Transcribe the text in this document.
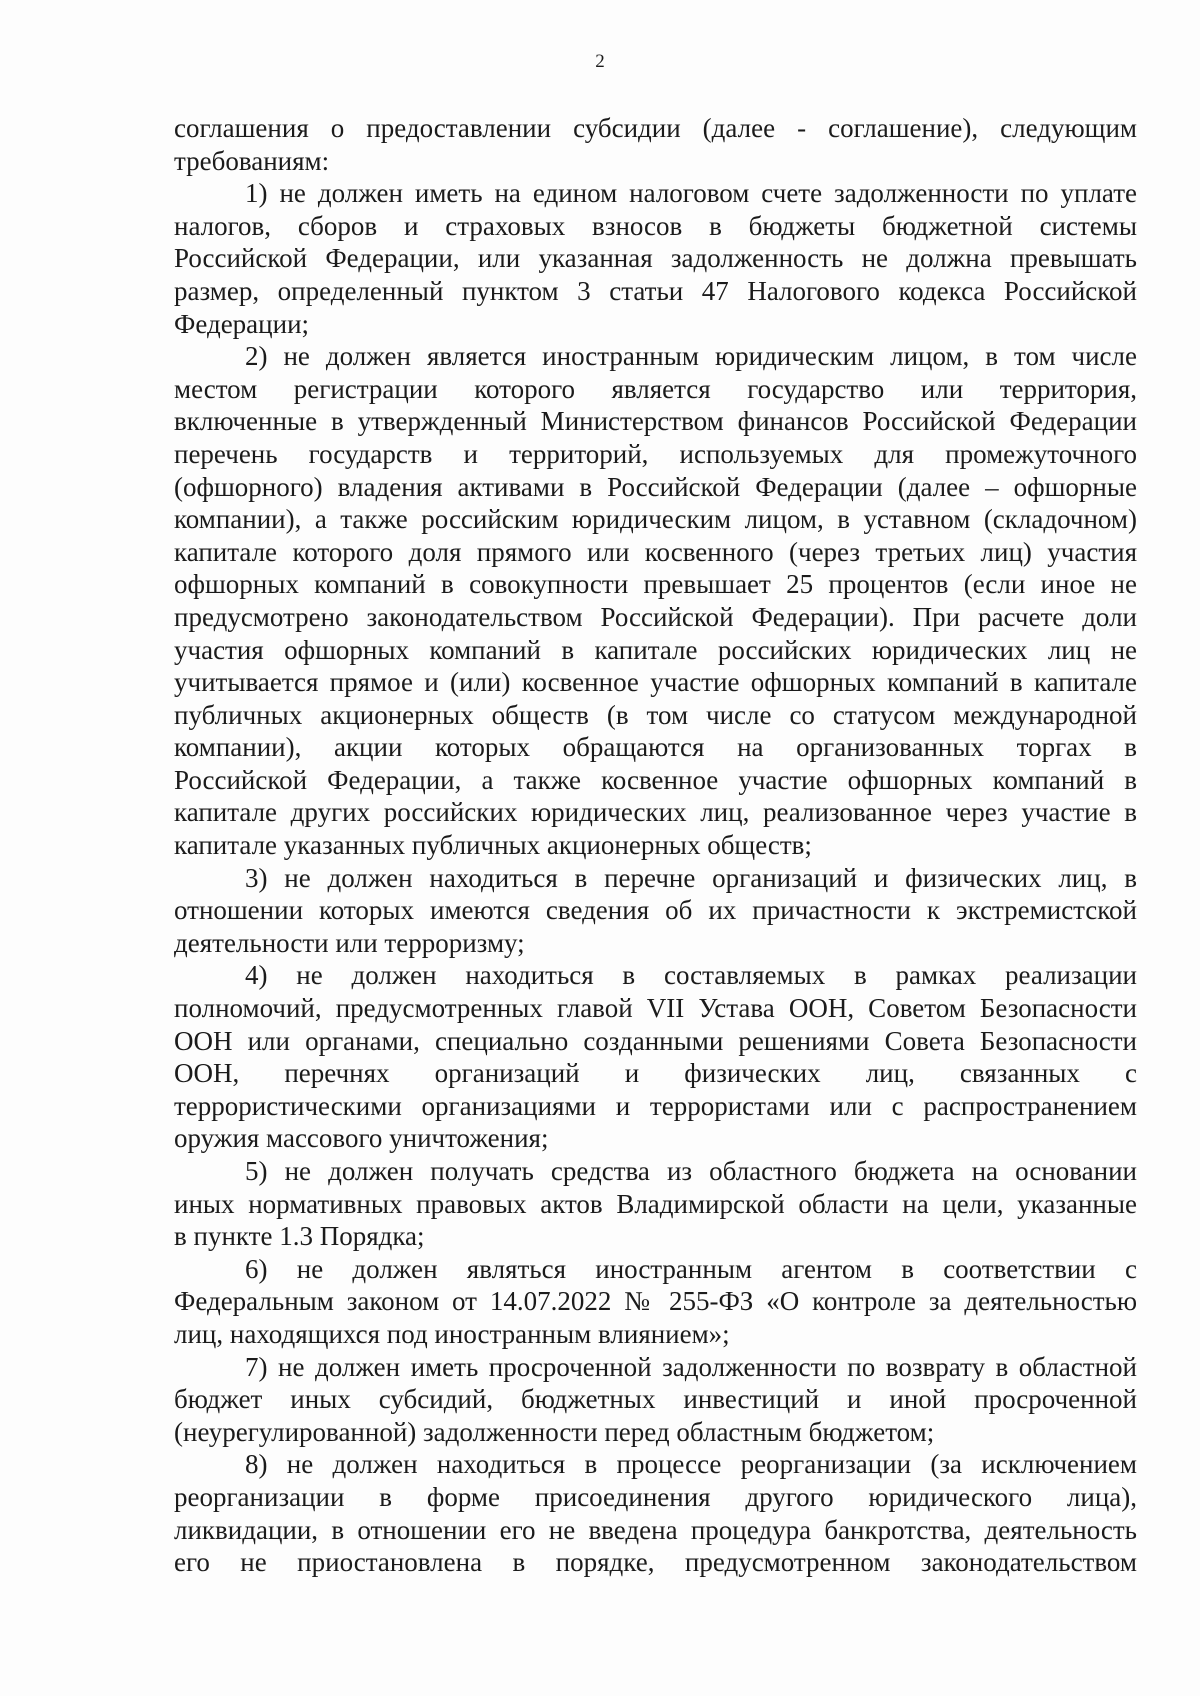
2
соглашения о предоставлении субсидии (далее - соглашение), следующим
требованиям:
1) не должен иметь на едином налоговом счете задолженности по уплате
налогов, сборов и страховых взносов в бюджеты бюджетной системы
Российской Федерации, или указанная задолженность не должна превышать
размер, определенный пунктом 3 статьи 47 Налогового кодекса Российской
Федерации;
2) не должен является иностранным юридическим лицом, в том числе
местом регистрации которого является государство или территория,
включенные в утвержденный Министерством финансов Российской Федерации
перечень государств и территорий, используемых для промежуточного
(офшорного) владения активами в Российской Федерации (далее – офшорные
компании), а также российским юридическим лицом, в уставном (складочном)
капитале которого доля прямого или косвенного (через третьих лиц) участия
офшорных компаний в совокупности превышает 25 процентов (если иное не
предусмотрено законодательством Российской Федерации). При расчете доли
участия офшорных компаний в капитале российских юридических лиц не
учитывается прямое и (или) косвенное участие офшорных компаний в капитале
публичных акционерных обществ (в том числе со статусом международной
компании), акции которых обращаются на организованных торгах в
Российской Федерации, а также косвенное участие офшорных компаний в
капитале других российских юридических лиц, реализованное через участие в
капитале указанных публичных акционерных обществ;
3) не должен находиться в перечне организаций и физических лиц, в
отношении которых имеются сведения об их причастности к экстремистской
деятельности или терроризму;
4) не должен находиться в составляемых в рамках реализации
полномочий, предусмотренных главой VII Устава ООН, Советом Безопасности
ООН или органами, специально созданными решениями Совета Безопасности
ООН, перечнях организаций и физических лиц, связанных с
террористическими организациями и террористами или с распространением
оружия массового уничтожения;
5) не должен получать средства из областного бюджета на основании
иных нормативных правовых актов Владимирской области на цели, указанные
в пункте 1.3 Порядка;
6) не должен являться иностранным агентом в соответствии с
Федеральным законом от 14.07.2022 № 255-ФЗ «О контроле за деятельностью
лиц, находящихся под иностранным влиянием»;
7) не должен иметь просроченной задолженности по возврату в областной
бюджет иных субсидий, бюджетных инвестиций и иной просроченной
(неурегулированной) задолженности перед областным бюджетом;
8) не должен находиться в процессе реорганизации (за исключением
реорганизации в форме присоединения другого юридического лица),
ликвидации, в отношении его не введена процедура банкротства, деятельность
его не приостановлена в порядке, предусмотренном законодательством
